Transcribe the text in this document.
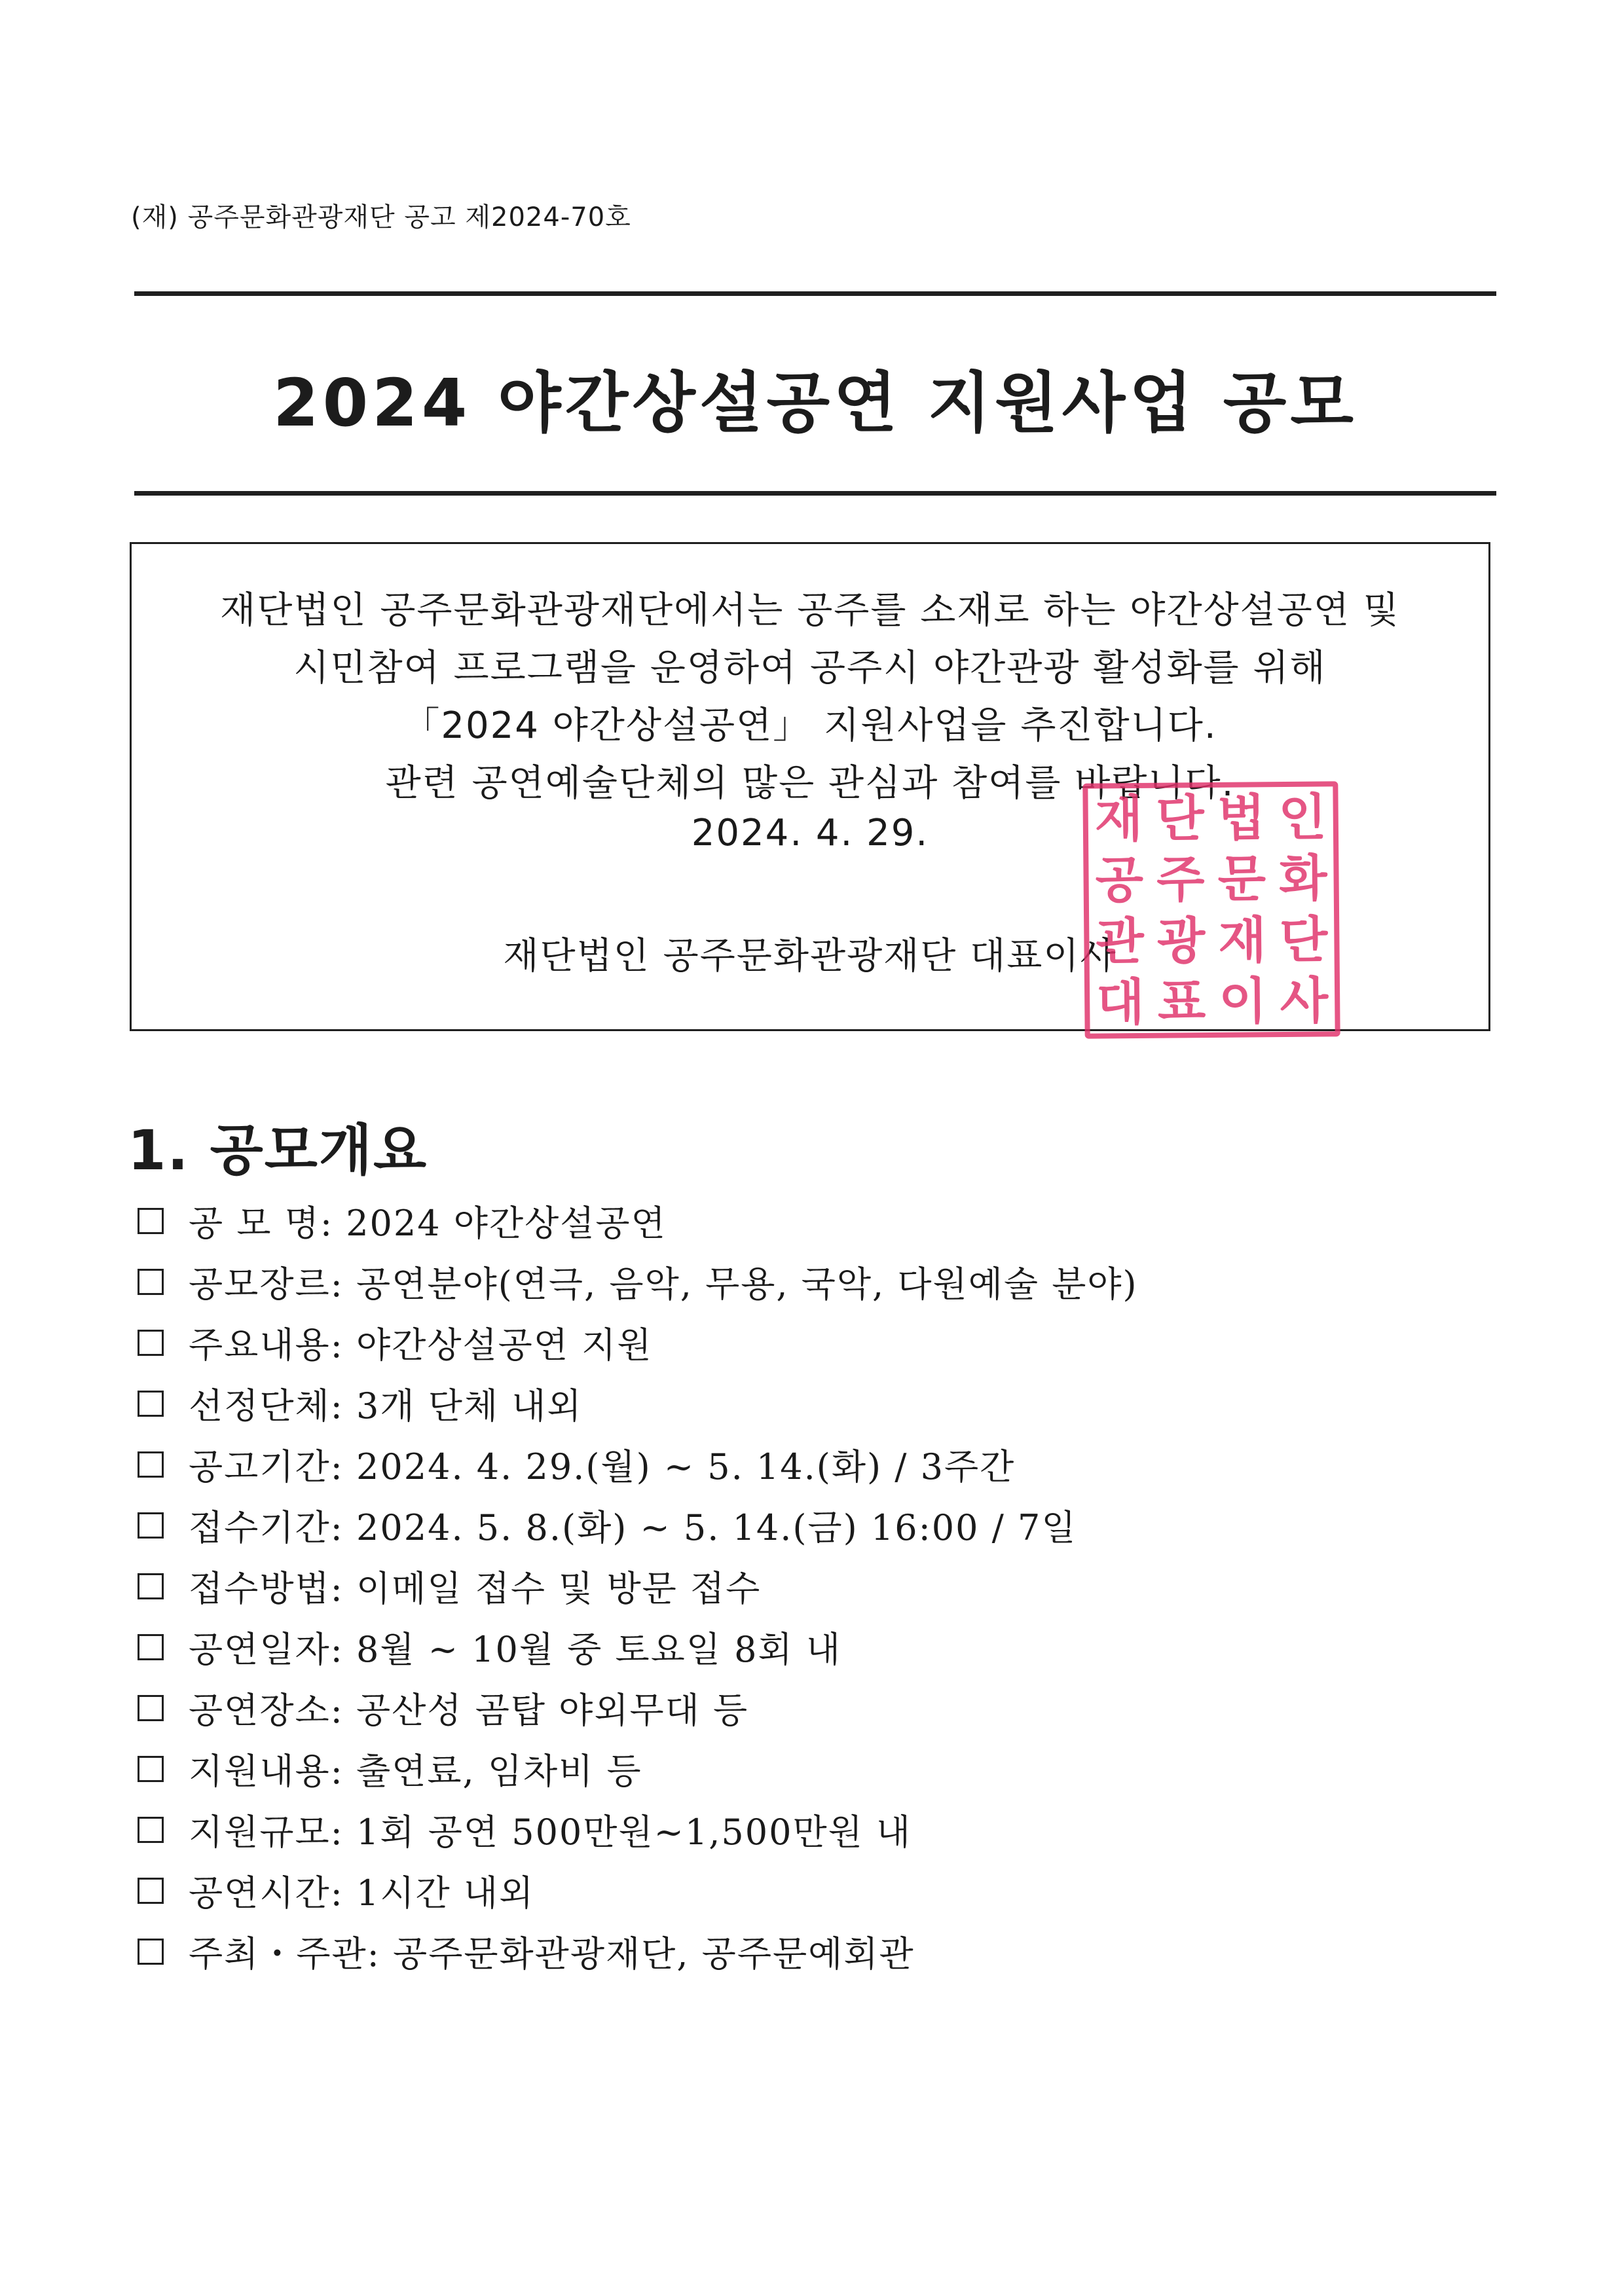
(재) 공주문화관광재단 공고 제2024-70호
2024 야간상설공연 지원사업 공모
재단법인 공주문화관광재단에서는 공주를 소재로 하는 야간상설공연 및
시민참여 프로그램을 운영하여 공주시 야간관광 활성화를 위해
「2024 야간상설공연」 지원사업을 추진합니다.
관련 공연예술단체의 많은 관심과 참여를 바랍니다.
2024. 4. 29.
재단법인 공주문화관광재단 대표이사
재 단 법 인
공 주 문 화
관 광 재 단
대 표 이 사
1. 공모개요
공 모 명:
2024 야간상설공연
공모장르:
공연분야(연극, 음악, 무용, 국악, 다원예술 분야)
주요내용:
야간상설공연 지원
선정단체:
3개 단체 내외
공고기간:
2024. 4. 29.(월) ~ 5. 14.(화) / 3주간
접수기간:
2024. 5. 8.(화) ~ 5. 14.(금) 16:00 / 7일
접수방법:
이메일 접수 및 방문 접수
공연일자:
8월 ~ 10월 중 토요일 8회 내
공연장소:
공산성 곰탑 야외무대 등
지원내용:
출연료, 임차비 등
지원규모:
1회 공연 500만원~1,500만원 내
공연시간:
1시간 내외
주최・주관:
공주문화관광재단, 공주문예회관
